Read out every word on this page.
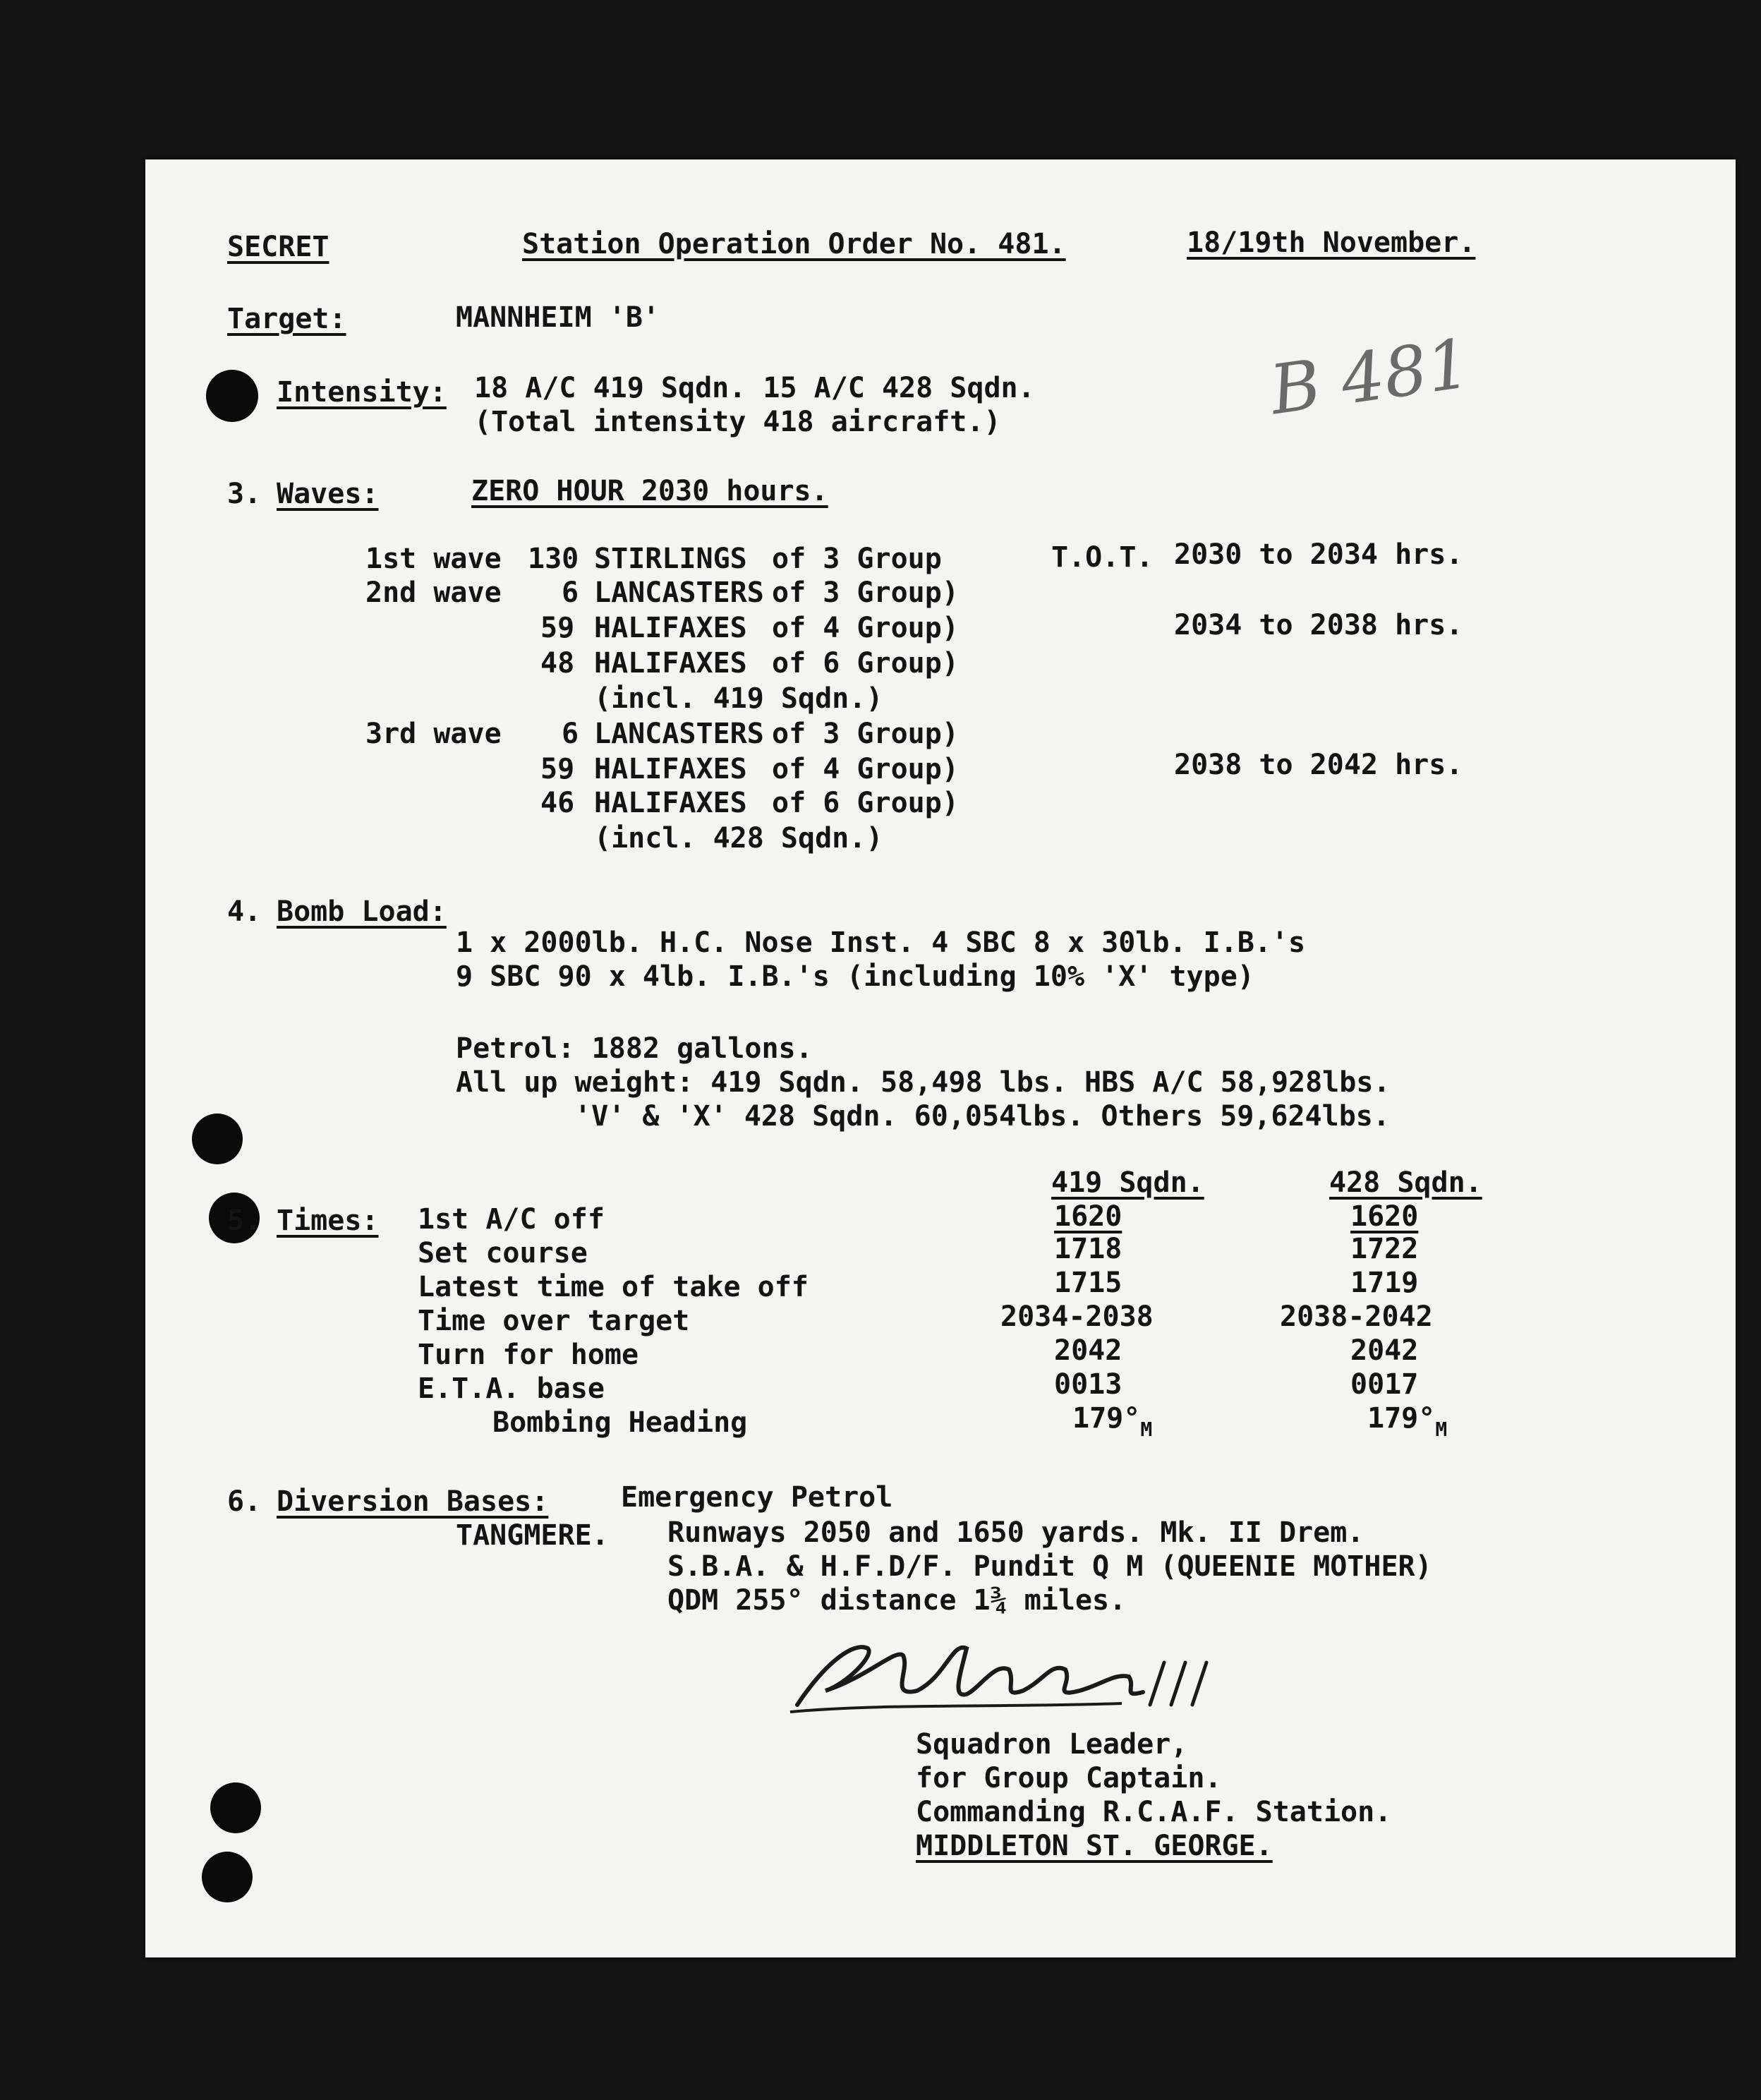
SECRET	Station Operation Order No. 481.	18/19th November.
Target:	MANNHEIM 'B'
Intensity: 18 A/C 419 Sqdn. 15 A/C 428 Sqdn.
(Total intensity 418 aircraft.)	B 481
3. Waves:	ZERO HOUR 2030 hours.
T.O.T.
1st wave 130 STIRLINGS of 3 Group	2030 to 2034 hrs.
2nd wave 6 LANCASTERS of 3 Group)
59 HALIFAXES of 4 Group)	2034 to 2038 hrs.
48 HALIFAXES of 6 Group)
(incl. 419 Sqdn.)
3rd wave 6 LANCASTERS of 3 Group)
59 HALIFAXES of 4 Group)	2038 to 2042 hrs.
46 HALIFAXES of 6 Group)
(incl. 428 Sqdn.)
4. Bomb Load:
1 x 2000lb. H.C. Nose Inst. 4 SBC 8 x 30lb. I.B.'s
9 SBC 90 x 4lb. I.B.'s (including 10% 'X' type)
Petrol: 1882 gallons.
All up weight: 419 Sqdn. 58,498 lbs. HBS A/C 58,928lbs.
'V' & 'X' 428 Sqdn. 60,054lbs. Others 59,624lbs.
419 Sqdn.	428 Sqdn.
5. Times: 1st A/C off	1620	1620
Set course	1718	1722
Latest time of take off	1715	1719
Time over target	2034-2038	2038-2042
Turn for home	2042	2042
E.T.A. base	0013	0017
Bombing Heading	$179^\circ_M$	$179^\circ_M$
6. Diversion Bases:	Emergency Petrol
TANGMERE. Runways 2050 and 1650 yards. Mk. II Drem.
S.B.A. & H.F.D/F. Pundit Q M (QUEENIE MOTHER)
QDM 255° distance 1¾ miles.
Squadron Leader,
for Group Captain.
Commanding R.C.A.F. Station.
MIDDLETON ST. GEORGE.
